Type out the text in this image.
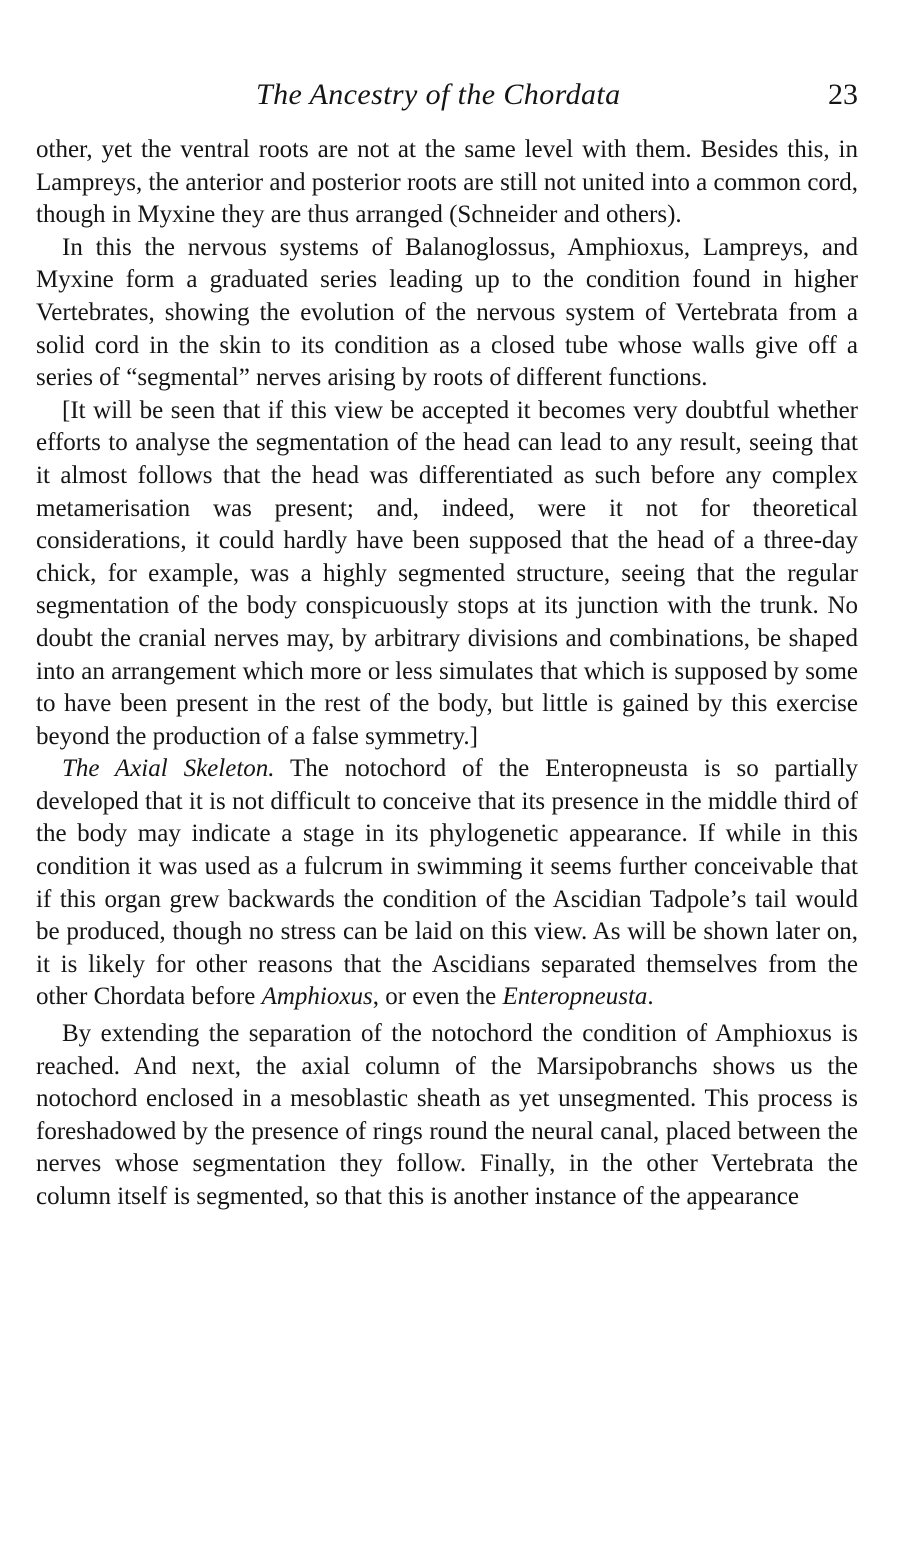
The Ancestry of the Chordata	23

other, yet the ventral roots are not at the same level with them. Besides this, in Lampreys, the anterior and posterior roots are still not united into a common cord, though in Myxine they are thus arranged (Schneider and others).

In this the nervous systems of Balanoglossus, Amphioxus, Lampreys, and Myxine form a graduated series leading up to the condition found in higher Vertebrates, showing the evolution of the nervous system of Vertebrata from a solid cord in the skin to its condition as a closed tube whose walls give off a series of “segmental” nerves arising by roots of different functions.

[It will be seen that if this view be accepted it becomes very doubtful whether efforts to analyse the segmentation of the head can lead to any result, seeing that it almost follows that the head was differentiated as such before any complex metamerisation was present; and, indeed, were it not for theoretical considerations, it could hardly have been supposed that the head of a three-day chick, for example, was a highly segmented structure, seeing that the regular segmentation of the body conspicuously stops at its junction with the trunk. No doubt the cranial nerves may, by arbitrary divisions and combinations, be shaped into an arrangement which more or less simulates that which is supposed by some to have been present in the rest of the body, but little is gained by this exercise beyond the production of a false symmetry.]

The Axial Skeleton. The notochord of the Enteropneusta is so partially developed that it is not difficult to conceive that its presence in the middle third of the body may indicate a stage in its phylogenetic appearance. If while in this condition it was used as a fulcrum in swimming it seems further conceivable that if this organ grew backwards the condition of the Ascidian Tadpole’s tail would be produced, though no stress can be laid on this view. As will be shown later on, it is likely for other reasons that the Ascidians separated themselves from the other Chordata before Amphioxus, or even the Enteropneusta.

By extending the separation of the notochord the condition of Amphioxus is reached. And next, the axial column of the Marsipobranchs shows us the notochord enclosed in a mesoblastic sheath as yet unsegmented. This process is foreshadowed by the presence of rings round the neural canal, placed between the nerves whose segmentation they follow. Finally, in the other Vertebrata the column itself is segmented, so that this is another instance of the appearance
